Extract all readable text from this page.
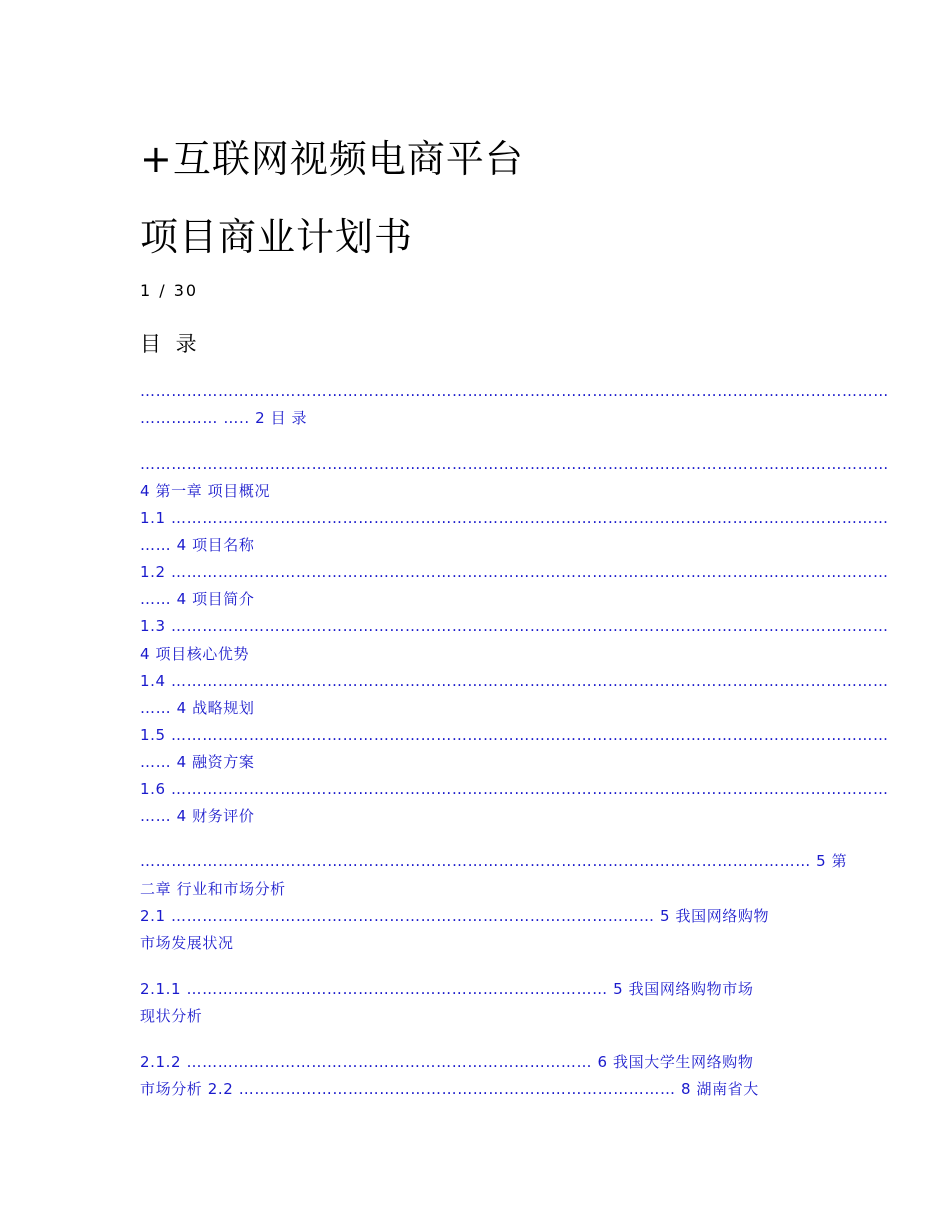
+互联网视频电商平台
项目商业计划书
1 / 30
目 录
………………………………………………………………………………………………………………………………
…………… ….. 2 目 录
………………………………………………………………………………………………………………………………
4 第一章 项目概况
1.1 …………………………………………………………………………………………………………………………
…… 4 项目名称
1.2 …………………………………………………………………………………………………………………………
…… 4 项目简介
1.3 …………………………………………………………………………………………………………………………
4 项目核心优势
1.4 …………………………………………………………………………………………………………………………
…… 4 战略规划
1.5 …………………………………………………………………………………………………………………………
…… 4 融资方案
1.6 …………………………………………………………………………………………………………………………
…… 4 财务评价
………………………………………………………………………………………………………………… 5 第
二章 行业和市场分析
2.1 ………………………………………………………………………………… 5 我国网络购物
市场发展状况
2.1.1 ……………………………………………………………………… 5 我国网络购物市场
现状分析
2.1.2 …………………………………………………………………… 6 我国大学生网络购物
市场分析 2.2 ………………………………………………………………………… 8 湖南省大
